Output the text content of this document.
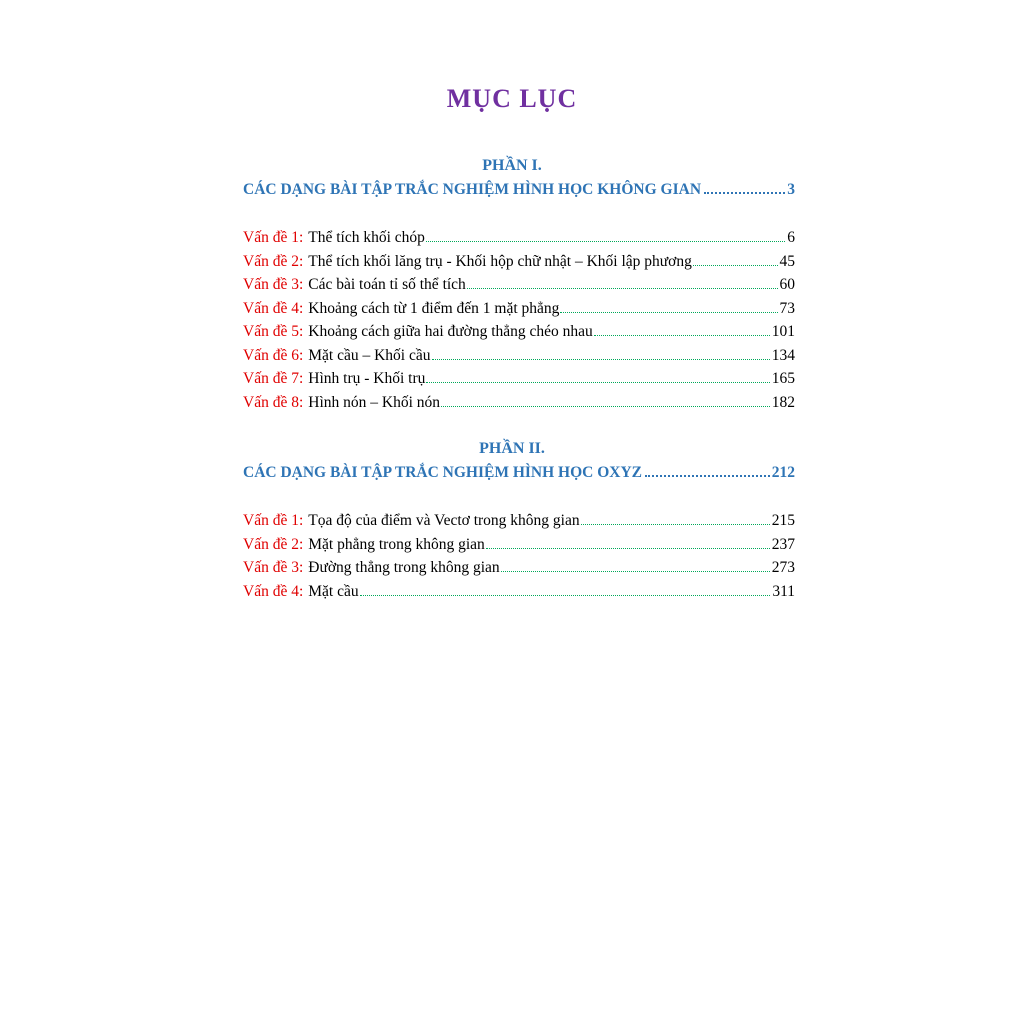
MỤC LỤC
PHẦN I.
CÁC DẠNG BÀI TẬP TRẮC NGHIỆM HÌNH HỌC KHÔNG GIAN	3
Vấn đề 1: Thể tích khối chóp	6
Vấn đề 2: Thể tích khối lăng trụ - Khối hộp chữ nhật – Khối lập phương	45
Vấn đề 3: Các bài toán tỉ số thể tích	60
Vấn đề 4: Khoảng cách từ 1 điểm đến 1 mặt phẳng	73
Vấn đề 5: Khoảng cách giữa hai đường thẳng chéo nhau	101
Vấn đề 6: Mặt cầu – Khối cầu	134
Vấn đề 7: Hình trụ - Khối trụ	165
Vấn đề 8: Hình nón – Khối nón	182
PHẦN II.
CÁC DẠNG BÀI TẬP TRẮC NGHIỆM HÌNH HỌC OXYZ	212
Vấn đề 1: Tọa độ của điểm và Vectơ trong không gian	215
Vấn đề 2: Mặt phẳng trong không gian	237
Vấn đề 3: Đường thẳng trong không gian	273
Vấn đề 4: Mặt cầu	311
